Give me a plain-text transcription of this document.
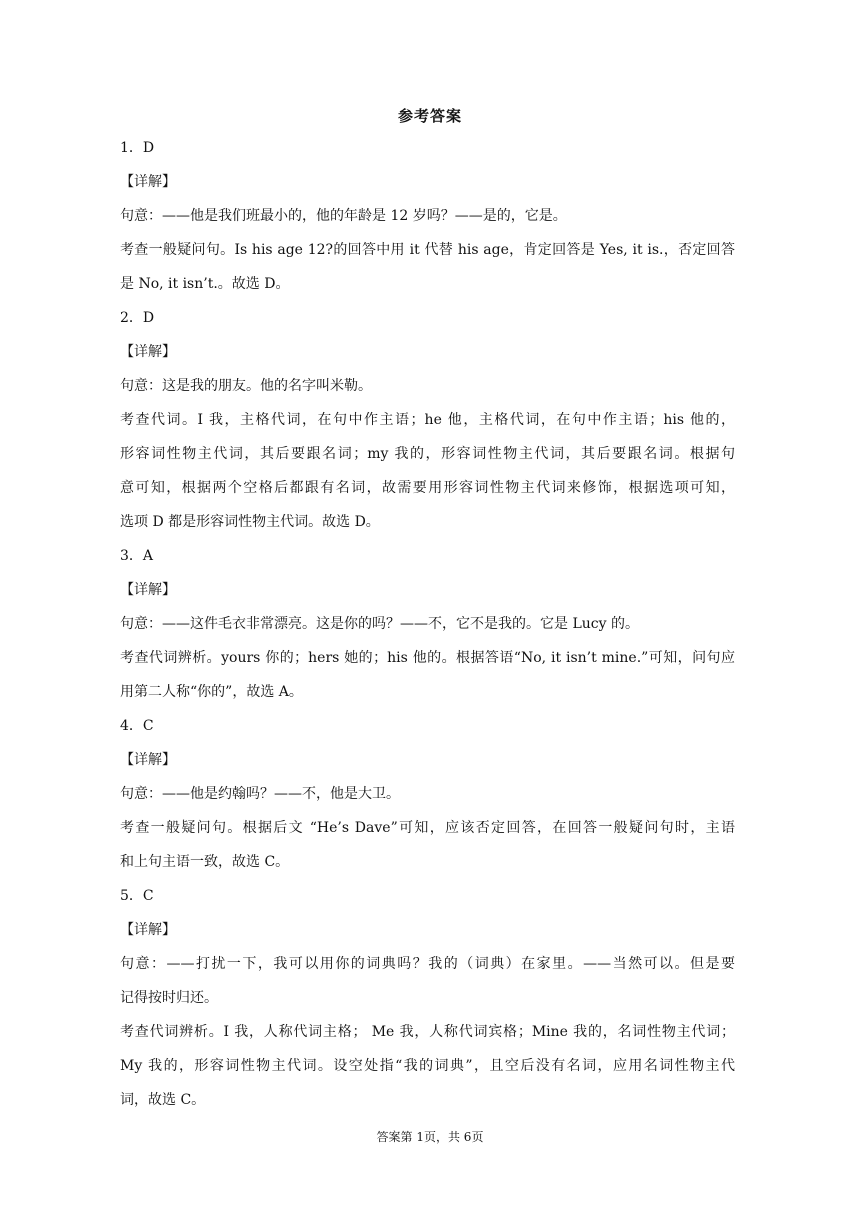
参考答案

1．D

【详解】

句意：——他是我们班最小的，他的年龄是 12 岁吗？——是的，它是。

考查一般疑问句。Is his age 12?的回答中用 it 代替 his age，肯定回答是 Yes, it is.，否定回答

是 No, it isn’t.。故选 D。

2．D

【详解】

句意：这是我的朋友。他的名字叫米勒。

考查代词。I 我，主格代词，在句中作主语；he 他，主格代词，在句中作主语；his 他的，

形容词性物主代词，其后要跟名词；my 我的，形容词性物主代词，其后要跟名词。根据句

意可知，根据两个空格后都跟有名词，故需要用形容词性物主代词来修饰，根据选项可知，

选项 D 都是形容词性物主代词。故选 D。

3．A

【详解】

句意：——这件毛衣非常漂亮。这是你的吗？——不，它不是我的。它是 Lucy 的。

考查代词辨析。yours 你的；hers 她的；his 他的。根据答语“No, it isn’t mine.”可知，问句应

用第二人称“你的”，故选 A。

4．C

【详解】

句意：——他是约翰吗？——不，他是大卫。

考查一般疑问句。根据后文 “He’s Dave”可知，应该否定回答，在回答一般疑问句时，主语

和上句主语一致，故选 C。

5．C

【详解】

句意：——打扰一下，我可以用你的词典吗？我的（词典）在家里。——当然可以。但是要

记得按时归还。

考查代词辨析。I 我，人称代词主格； Me 我，人称代词宾格；Mine 我的，名词性物主代词；

My 我的，形容词性物主代词。设空处指“我的词典”，且空后没有名词，应用名词性物主代

词，故选 C。

答案第 1页，共 6页
